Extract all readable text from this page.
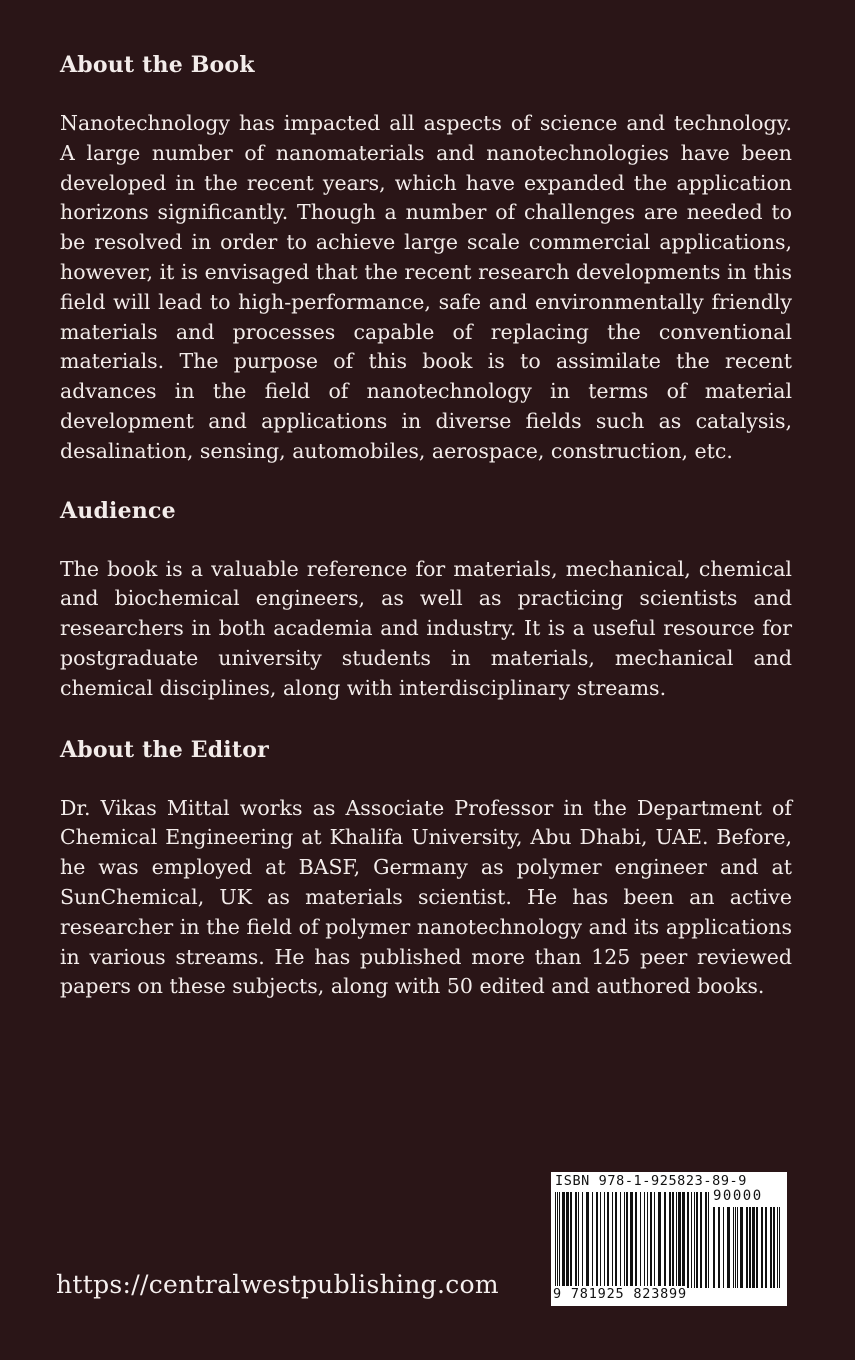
About the Book

Nanotechnology has impacted all aspects of science and technology. A large number of nanomaterials and nanotechnologies have been developed in the recent years, which have expanded the application horizons significantly. Though a number of challenges are needed to be resolved in order to achieve large scale commercial applications, however, it is envisaged that the recent research developments in this field will lead to high-performance, safe and environmentally friendly materials and processes capable of replacing the conventional materials. The purpose of this book is to assimilate the recent advances in the field of nanotechnology in terms of material development and applications in diverse fields such as catalysis, desalination, sensing, automobiles, aerospace, construction, etc.

Audience

The book is a valuable reference for materials, mechanical, chemical and biochemical engineers, as well as practicing scientists and researchers in both academia and industry. It is a useful resource for postgraduate university students in materials, mechanical and chemical disciplines, along with interdisciplinary streams.

About the Editor

Dr. Vikas Mittal works as Associate Professor in the Department of Chemical Engineering at Khalifa University, Abu Dhabi, UAE. Before, he was employed at BASF, Germany as polymer engineer and at SunChemical, UK as materials scientist. He has been an active researcher in the field of polymer nanotechnology and its applications in various streams. He has published more than 125 peer reviewed papers on these subjects, along with 50 edited and authored books.

https://centralwestpublishing.com
ISBN 978-1-925823-89-9
90000
9 781925 823899
